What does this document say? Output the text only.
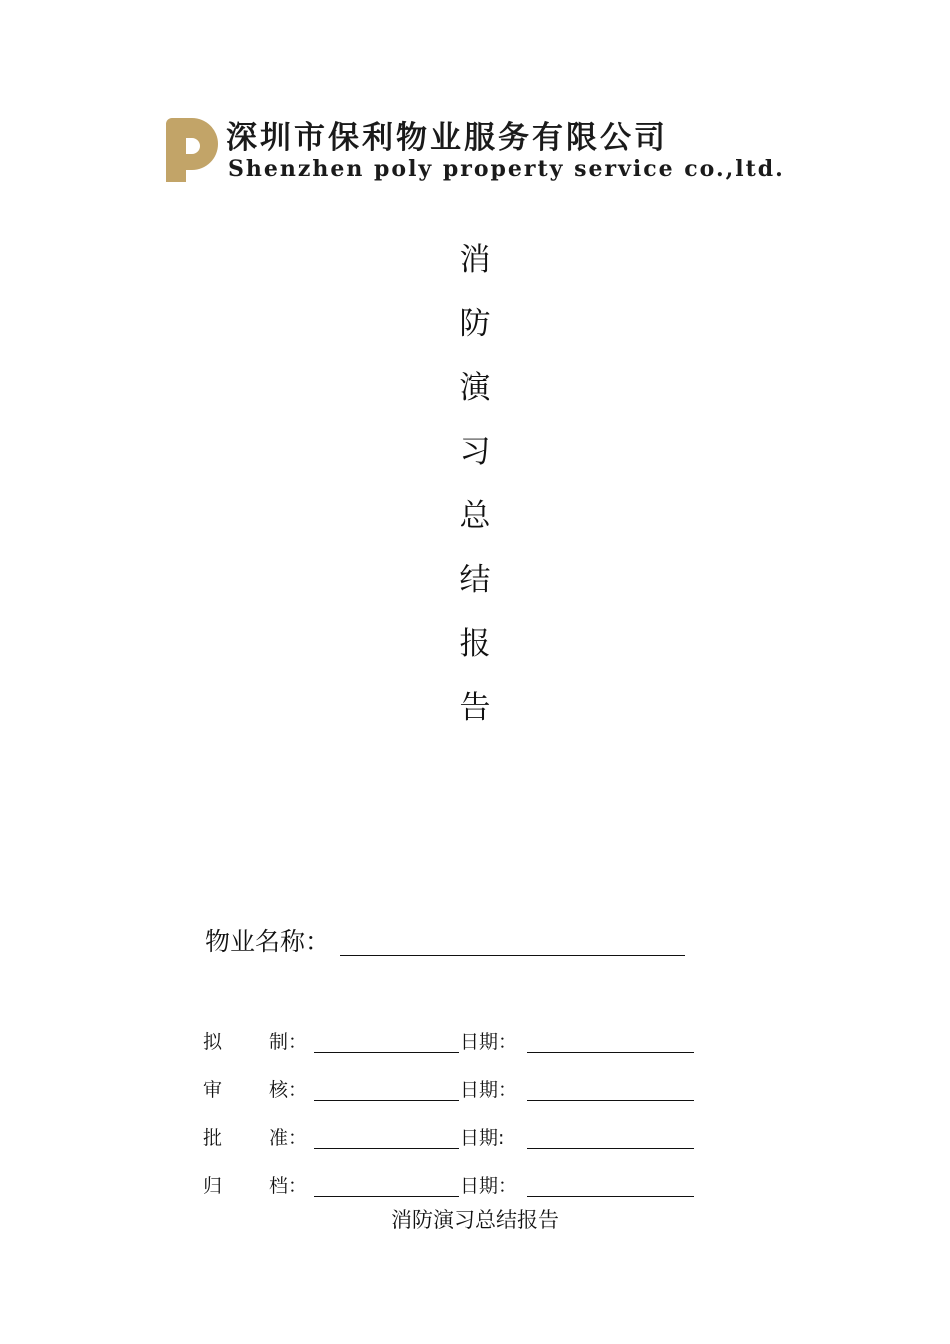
深圳市保利物业服务有限公司
Shenzhen poly property service co.,ltd.
消
防
演
习
总
结
报
告
物业名称：
拟 制：	日期：
审 核：	日期：
批 准：	日期:
归 档：	日期：
消防演习总结报告
